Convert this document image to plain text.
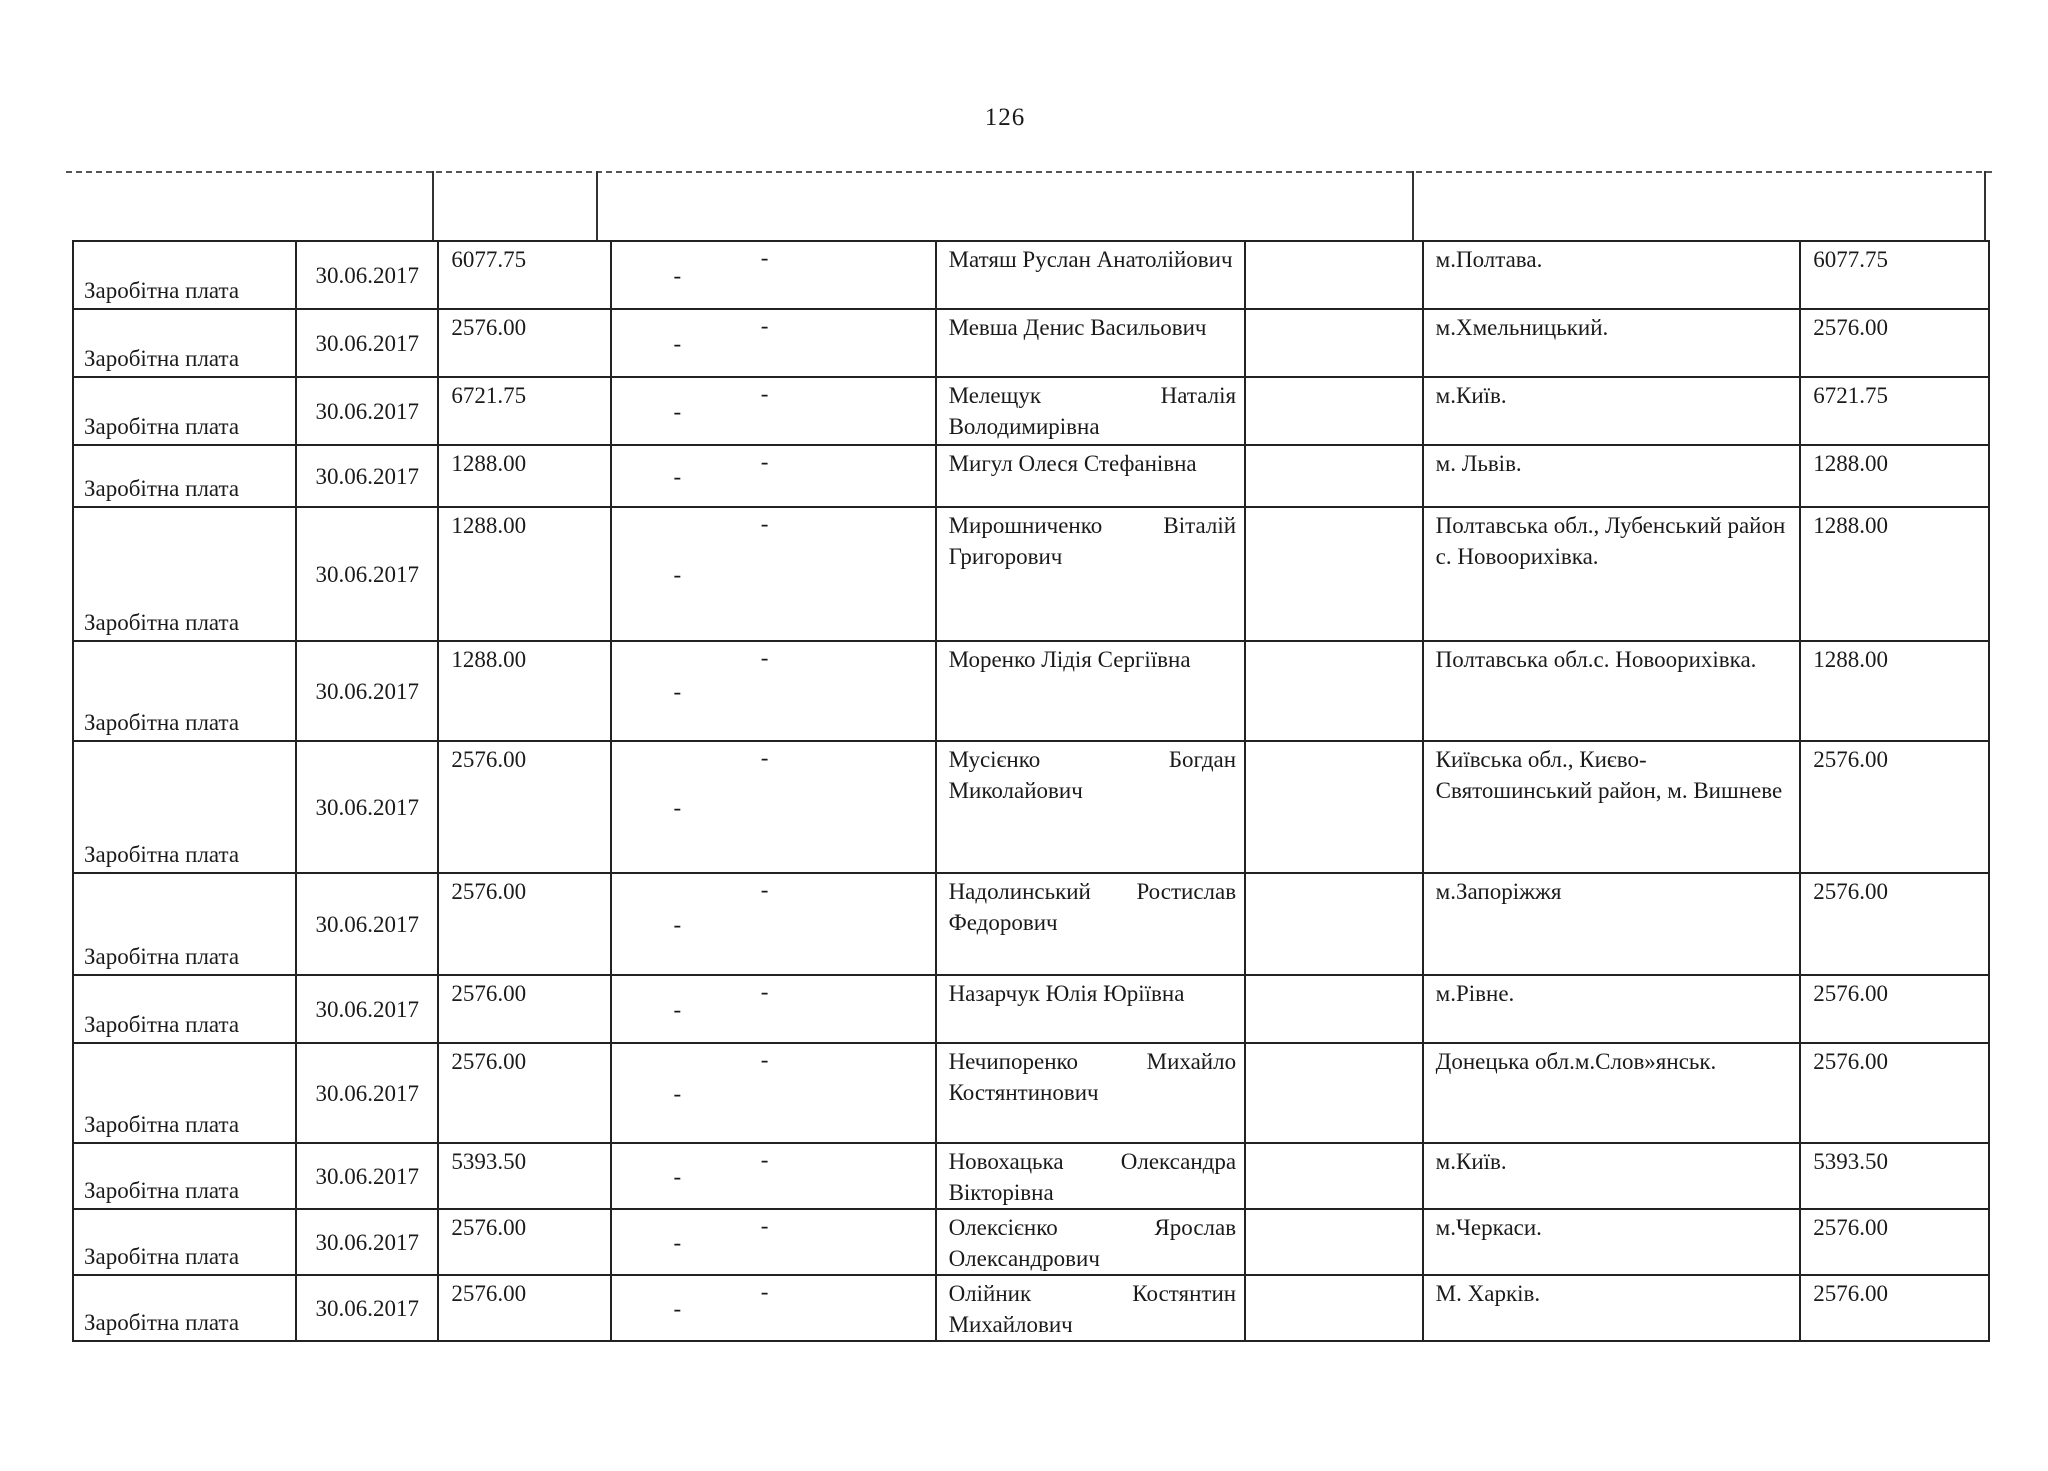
126
Заробітна плата	30.06.2017	6077.75	-	-	Матяш Руслан Анатолійович		м.Полтава.	6077.75

Заробітна плата	30.06.2017	2576.00	-	-	Мевша Денис Васильович		м.Хмельницький.	2576.00

Заробітна плата	30.06.2017	6721.75	-	-	Мелещук Наталія Володимирівна		м.Київ.	6721.75

Заробітна плата	30.06.2017	1288.00	-	-	Мигул Олеся Стефанівна		м. Львів.	1288.00

Заробітна плата	30.06.2017	1288.00	-	-	Мирошниченко Віталій Григорович		Полтавська обл., Лубенський район с. Новоорихівка.	1288.00

Заробітна плата	30.06.2017	1288.00	-	-	Моренко Лідія Сергіївна		Полтавська обл.с. Новоорихівка.	1288.00

Заробітна плата	30.06.2017	2576.00	-	-	Мусієнко Богдан Миколайович		Київська обл., Києво-Святошинський район, м. Вишневе	2576.00

Заробітна плата	30.06.2017	2576.00	-	-	Надолинський Ростислав Федорович		м.Запоріжжя	2576.00

Заробітна плата	30.06.2017	2576.00	-	-	Назарчук Юлія Юріївна		м.Рівне.	2576.00

Заробітна плата	30.06.2017	2576.00	-	-	Нечипоренко Михайло Костянтинович		Донецька обл.м.Слов»янськ.	2576.00

Заробітна плата	30.06.2017	5393.50	-	-	Новохацька Олександра Вікторівна		м.Київ.	5393.50

Заробітна плата	30.06.2017	2576.00	-	-	Олексієнко Ярослав Олександрович		м.Черкаси.	2576.00

Заробітна плата	30.06.2017	2576.00	-	-	Олійник Костянтин Михайлович		М. Харків.	2576.00
